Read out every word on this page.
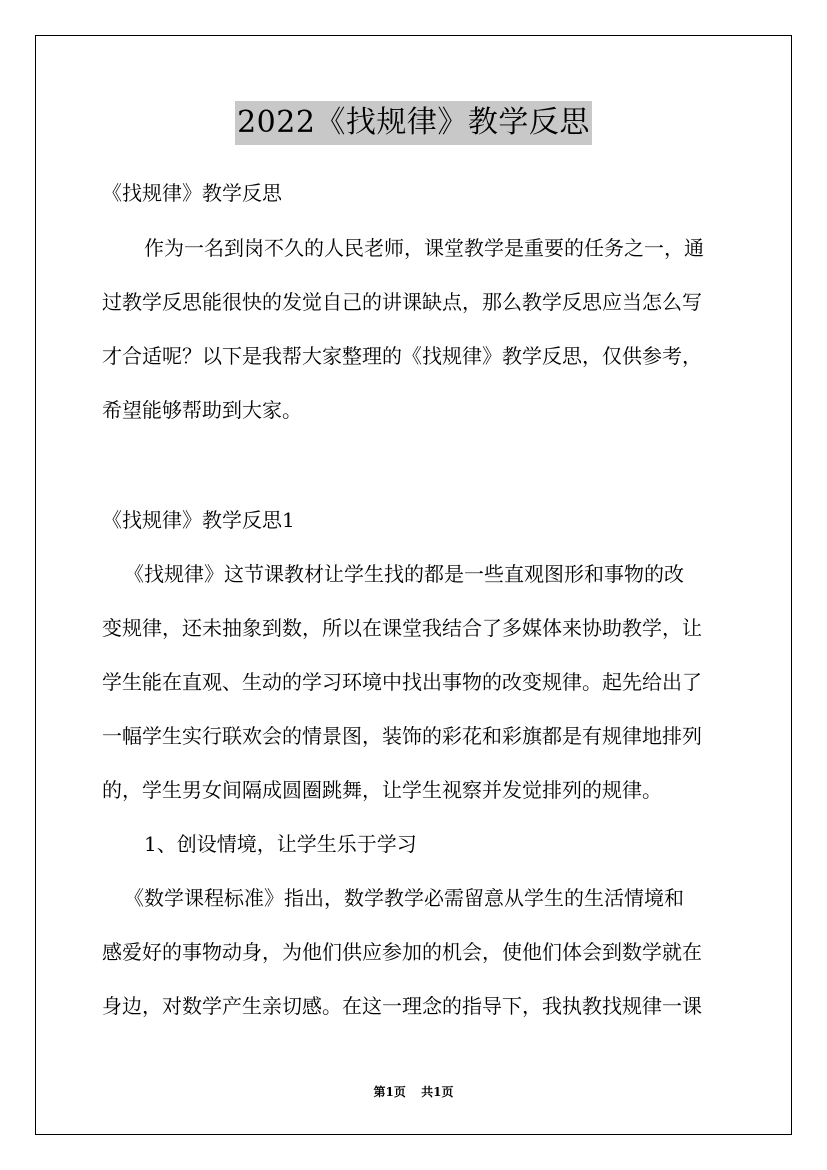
2022《找规律》教学反思
《找规律》教学反思
作为一名到岗不久的人民老师，课堂教学是重要的任务之一，通
过教学反思能很快的发觉自己的讲课缺点，那么教学反思应当怎么写
才合适呢？以下是我帮大家整理的《找规律》教学反思，仅供参考，
希望能够帮助到大家。
《找规律》教学反思1
《找规律》这节课教材让学生找的都是一些直观图形和事物的改
变规律，还未抽象到数，所以在课堂我结合了多媒体来协助教学，让
学生能在直观、生动的学习环境中找出事物的改变规律。起先给出了
一幅学生实行联欢会的情景图，装饰的彩花和彩旗都是有规律地排列
的，学生男女间隔成圆圈跳舞，让学生视察并发觉排列的规律。
1、创设情境，让学生乐于学习
《数学课程标准》指出，数学教学必需留意从学生的生活情境和
感爱好的事物动身，为他们供应参加的机会，使他们体会到数学就在
身边，对数学产生亲切感。在这一理念的指导下，我执教找规律一课
第1页 共1页
